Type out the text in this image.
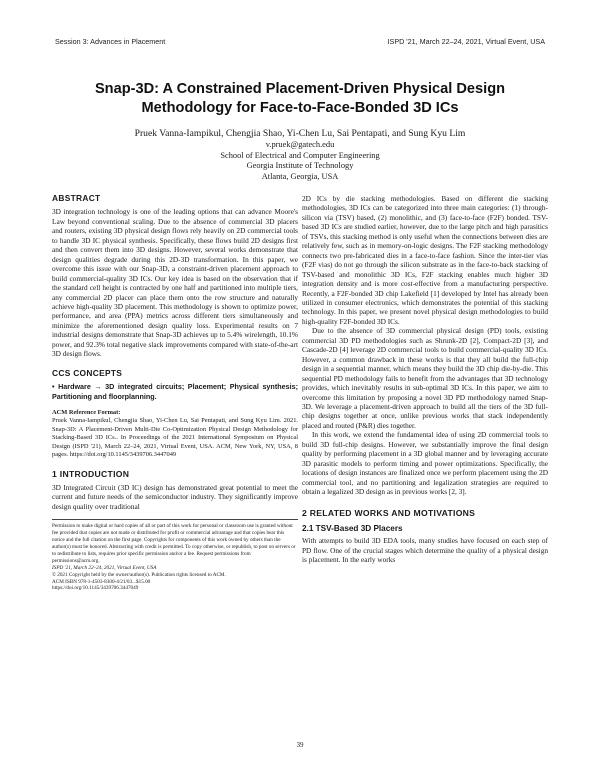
Session 3: Advances in Placement	ISPD '21, March 22–24, 2021, Virtual Event, USA
Snap-3D: A Constrained Placement-Driven Physical Design
Methodology for Face-to-Face-Bonded 3D ICs
Pruek Vanna-Iampikul, Chengjia Shao, Yi-Chen Lu, Sai Pentapati, and Sung Kyu Lim
v.pruek@gatech.edu
School of Electrical and Computer Engineering
Georgia Institute of Technology
Atlanta, Georgia, USA
ABSTRACT

3D integration technology is one of the leading options that can advance Moore's Law beyond conventional scaling. Due to the absence of commercial 3D placers and routers, existing 3D physical design flows rely heavily on 2D commercial tools to handle 3D IC physical synthesis. Specifically, these flows build 2D designs first and then convert them into 3D designs. However, several works demonstrate that design qualities degrade during this 2D-3D transformation. In this paper, we overcome this issue with our Snap-3D, a constraint-driven placement approach to build commercial-quality 3D ICs. Our key idea is based on the observation that if the standard cell height is contracted by one half and partitioned into multiple tiers, any commercial 2D placer can place them onto the row structure and naturally achieve high-quality 3D placement. This methodology is shown to optimize power, performance, and area (PPA) metrics across different tiers simultaneously and minimize the aforementioned design quality loss. Experimental results on 7 industrial designs demonstrate that Snap-3D achieves up to 5.4% wirelength, 10.1% power, and 92.3% total negative slack improvements compared with state-of-the-art 3D design flows.

CCS CONCEPTS

• Hardware → 3D integrated circuits; Placement; Physical synthesis; Partitioning and floorplanning.

ACM Reference Format:

Pruek Vanna-Iampikul, Chengjia Shao, Yi-Chen Lu, Sai Pentapati, and Sung Kyu Lim. 2021. Snap-3D: A Placement-Driven Multi-Die Co-Optimization Physical Design Methodology for Stacking-Based 3D ICs.. In Proceedings of the 2021 International Symposium on Physical Design (ISPD '21), March 22–24, 2021, Virtual Event, USA. ACM, New York, NY, USA, 8 pages. https://doi.org/10.1145/3439706.3447049

1 INTRODUCTION

3D Integrated Circuit (3D IC) design has demonstrated great potential to meet the current and future needs of the semiconductor industry. They significantly improve design quality over traditional

Permission to make digital or hard copies of all or part of this work for personal or classroom use is granted without fee provided that copies are not made or distributed for profit or commercial advantage and that copies bear this notice and the full citation on the first page. Copyrights for components of this work owned by others than the author(s) must be honored. Abstracting with credit is permitted. To copy otherwise, or republish, to post on servers or to redistribute to lists, requires prior specific permission and/or a fee. Request permissions from permissions@acm.org.
ISPD '21, March 22–24, 2021, Virtual Event, USA
© 2021 Copyright held by the owner/author(s). Publication rights licensed to ACM.
ACM ISBN 978-1-4503-8300-4/21/03...$15.00
https://doi.org/10.1145/3439706.3447049

2D ICs by die stacking methodologies. Based on different die stacking methodologies, 3D ICs can be categorized into three main categories: (1) through-silicon via (TSV) based, (2) monolithic, and (3) face-to-face (F2F) bonded. TSV-based 3D ICs are studied earlier, however, due to the large pitch and high parasitics of TSVs, this stacking method is only useful when the connections between dies are relatively few, such as in memory-on-logic designs. The F2F stacking methodology connects two pre-fabricated dies in a face-to-face fashion. Since the inter-tier vias (F2F vias) do not go through the silicon substrate as in the face-to-back stacking of TSV-based and monolithic 3D ICs, F2F stacking enables much higher 3D integration density and is more cost-effective from a manufacturing perspective. Recently, a F2F-bonded 3D chip Lakefield [1] developed by Intel has already been utilized in consumer electronics, which demonstrates the potential of this stacking technology. In this paper, we present novel physical design methodologies to build high-quality F2F-bonded 3D ICs.

Due to the absence of 3D commercial physical design (PD) tools, existing commercial 3D PD methodologies such as Shrunk-2D [2], Compact-2D [3], and Cascade-2D [4] leverage 2D commercial tools to build commercial-quality 3D ICs. However, a common drawback in these works is that they all build the full-chip design in a sequential manner, which means they build the 3D chip die-by-die. This sequential PD methodology fails to benefit from the advantages that 3D technology provides, which inevitably results in sub-optimal 3D ICs. In this paper, we aim to overcome this limitation by proposing a novel 3D PD methodology named Snap-3D. We leverage a placement-driven approach to build all the tiers of the 3D full-chip designs together at once, unlike previous works that stack independently placed and routed (P&R) dies together.

In this work, we extend the fundamental idea of using 2D commercial tools to build 3D full-chip designs. However, we substantially improve the final design quality by performing placement in a 3D global manner and by leveraging accurate 3D parasitic models to perform timing and power optimizations. Specifically, the locations of design instances are finalized once we perform placement using the 2D commercial tool, and no partitioning and legalization strategies are required to obtain a legalized 3D design as in previous works [2, 3].

2 RELATED WORKS AND MOTIVATIONS
2.1 TSV-Based 3D Placers

With attempts to build 3D EDA tools, many studies have focused on each step of PD flow. One of the crucial stages which determine the quality of a physical design is placement. In the early works

39
